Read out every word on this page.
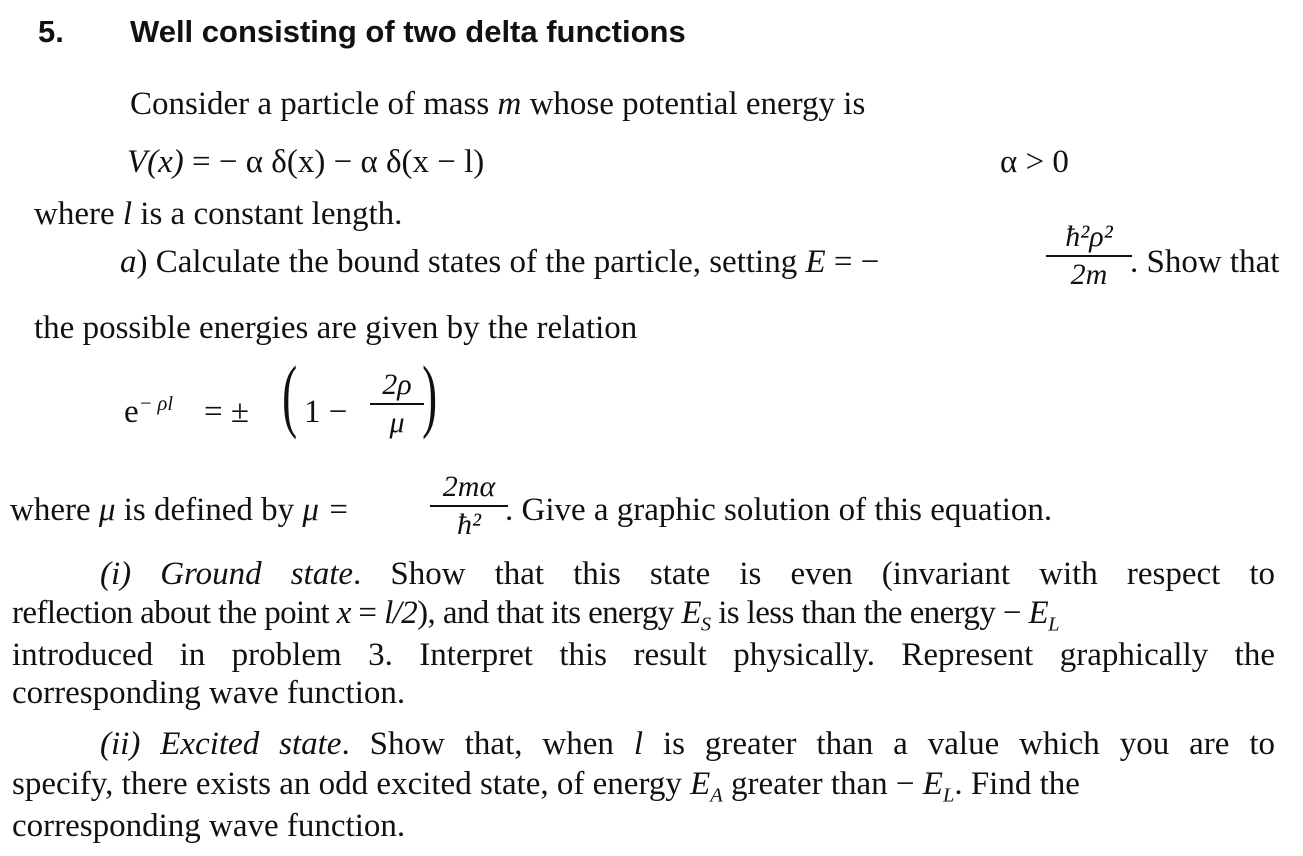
5. Well consisting of two delta functions
Consider a particle of mass m whose potential energy is
V(x) = − α δ(x) − α δ(x − l)	α > 0
where l is a constant length.
a) Calculate the bound states of the particle, setting E = −
ħ²ρ²
2m . Show that
the possible energies are given by the relation
$e^{- \rho l}$ = ± ( 1 −
2ρ
μ )
where μ is defined by μ =
2mα
ħ² . Give a graphic solution of this equation.
(i) Ground state. Show that this state is even (invariant with respect to
reflection about the point x = l/2), and that its energy $E_S$ is less than the energy − $E_L$
introduced in problem 3. Interpret this result physically. Represent graphically the
corresponding wave function.
(ii) Excited state. Show that, when l is greater than a value which you are to
specify, there exists an odd excited state, of energy $E_A$ greater than − $E_L$. Find the
corresponding wave function.
